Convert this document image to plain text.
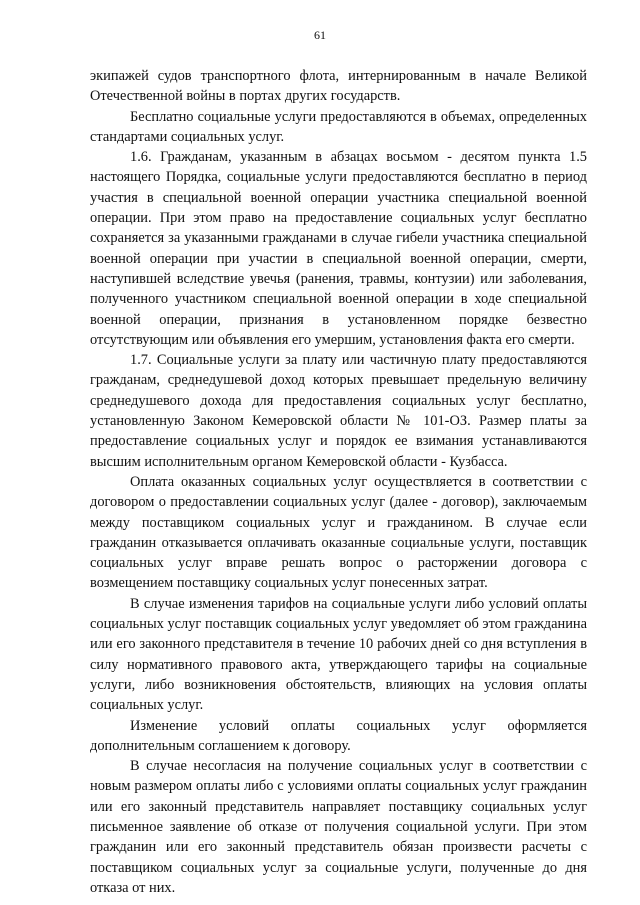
61

экипажей судов транспортного флота, интернированным в начале Великой Отечественной войны в портах других государств.

Бесплатно социальные услуги предоставляются в объемах, определенных стандартами социальных услуг.

1.6. Гражданам, указанным в абзацах восьмом - десятом пункта 1.5 настоящего Порядка, социальные услуги предоставляются бесплатно в период участия в специальной военной операции участника специальной военной операции. При этом право на предоставление социальных услуг бесплатно сохраняется за указанными гражданами в случае гибели участника специальной военной операции при участии в специальной военной операции, смерти, наступившей вследствие увечья (ранения, травмы, контузии) или заболевания, полученного участником специальной военной операции в ходе специальной военной операции, признания в установленном порядке безвестно отсутствующим или объявления его умершим, установления факта его смерти.

1.7. Социальные услуги за плату или частичную плату предоставляются гражданам, среднедушевой доход которых превышает предельную величину среднедушевого дохода для предоставления социальных услуг бесплатно, установленную Законом Кемеровской области № 101-ОЗ. Размер платы за предоставление социальных услуг и порядок ее взимания устанавливаются высшим исполнительным органом Кемеровской области - Кузбасса.

Оплата оказанных социальных услуг осуществляется в соответствии с договором о предоставлении социальных услуг (далее - договор), заключаемым между поставщиком социальных услуг и гражданином. В случае если гражданин отказывается оплачивать оказанные социальные услуги, поставщик социальных услуг вправе решать вопрос о расторжении договора с возмещением поставщику социальных услуг понесенных затрат.

В случае изменения тарифов на социальные услуги либо условий оплаты социальных услуг поставщик социальных услуг уведомляет об этом гражданина или его законного представителя в течение 10 рабочих дней со дня вступления в силу нормативного правового акта, утверждающего тарифы на социальные услуги, либо возникновения обстоятельств, влияющих на условия оплаты социальных услуг.

Изменение условий оплаты социальных услуг оформляется дополнительным соглашением к договору.

В случае несогласия на получение социальных услуг в соответствии с новым размером оплаты либо с условиями оплаты социальных услуг гражданин или его законный представитель направляет поставщику социальных услуг письменное заявление об отказе от получения социальной услуги. При этом гражданин или его законный представитель обязан произвести расчеты с поставщиком социальных услуг за социальные услуги, полученные до дня отказа от них.
